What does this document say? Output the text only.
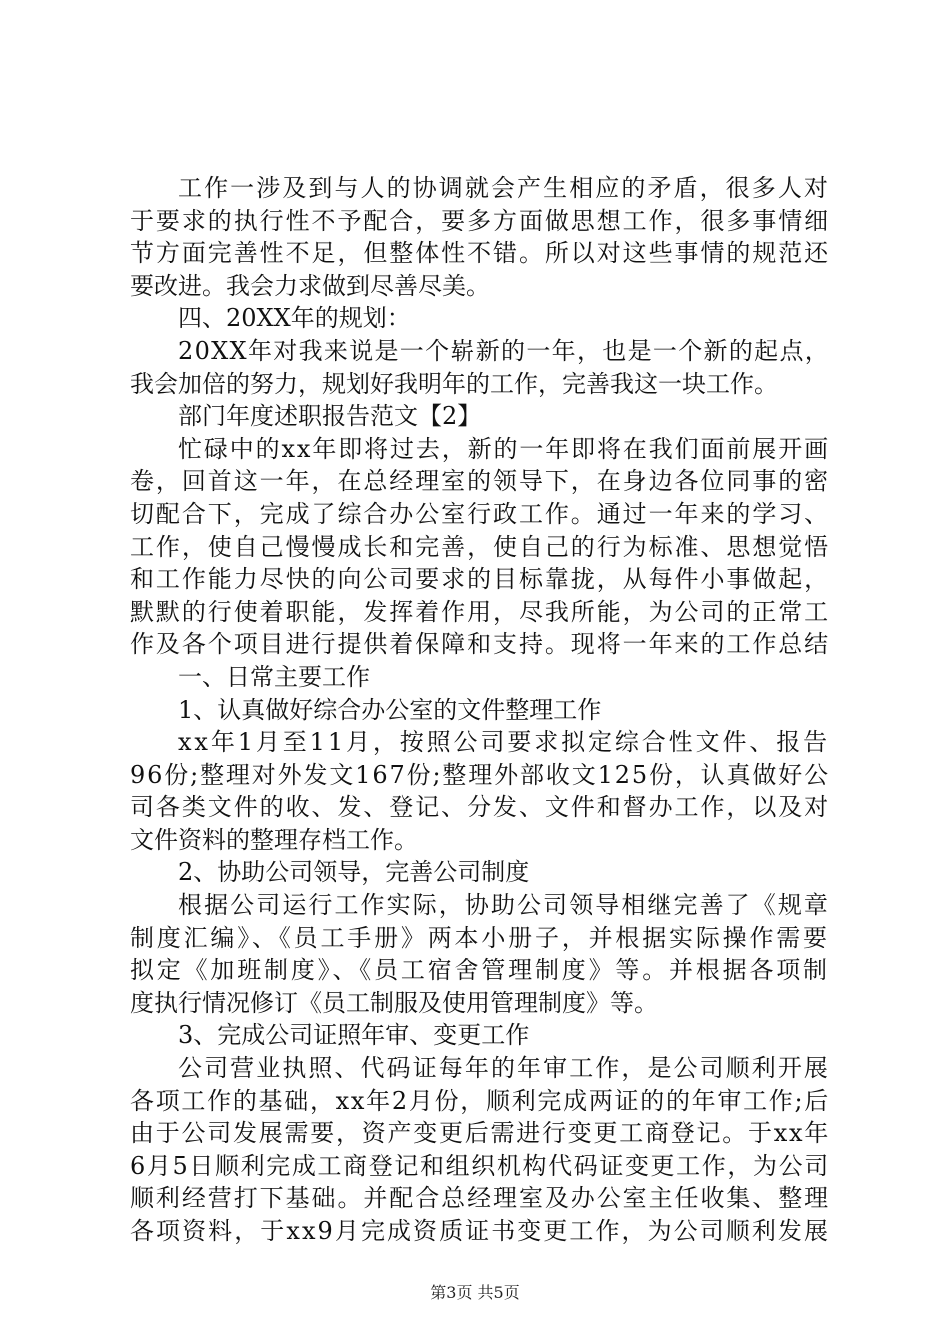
工作一涉及到与人的协调就会产生相应的矛盾，很多人对
于要求的执行性不予配合，要多方面做思想工作，很多事情细
节方面完善性不足，但整体性不错。所以对这些事情的规范还
要改进。我会力求做到尽善尽美。
四、20XX年的规划：
20XX年对我来说是一个崭新的一年，也是一个新的起点，
我会加倍的努力，规划好我明年的工作，完善我这一块工作。
部门年度述职报告范文【2】
忙碌中的xx年即将过去，新的一年即将在我们面前展开画
卷，回首这一年，在总经理室的领导下，在身边各位同事的密
切配合下，完成了综合办公室行政工作。通过一年来的学习、
工作，使自己慢慢成长和完善，使自己的行为标准、思想觉悟
和工作能力尽快的向公司要求的目标靠拢，从每件小事做起，
默默的行使着职能，发挥着作用，尽我所能，为公司的正常工
作及各个项目进行提供着保障和支持。现将一年来的工作总结
一、日常主要工作
1、认真做好综合办公室的文件整理工作
xx年1月至11月，按照公司要求拟定综合性文件、报告
96份;整理对外发文167份;整理外部收文125份，认真做好公
司各类文件的收、发、登记、分发、文件和督办工作，以及对
文件资料的整理存档工作。
2、协助公司领导，完善公司制度
根据公司运行工作实际，协助公司领导相继完善了《规章
制度汇编》、《员工手册》两本小册子，并根据实际操作需要
拟定《加班制度》、《员工宿舍管理制度》等。并根据各项制
度执行情况修订《员工制服及使用管理制度》等。
3、完成公司证照年审、变更工作
公司营业执照、代码证每年的年审工作，是公司顺利开展
各项工作的基础，xx年2月份，顺利完成两证的的年审工作;后
由于公司发展需要，资产变更后需进行变更工商登记。于xx年
6月5日顺利完成工商登记和组织机构代码证变更工作，为公司
顺利经营打下基础。并配合总经理室及办公室主任收集、整理
各项资料，于xx9月完成资质证书变更工作，为公司顺利发展
第3页 共5页
